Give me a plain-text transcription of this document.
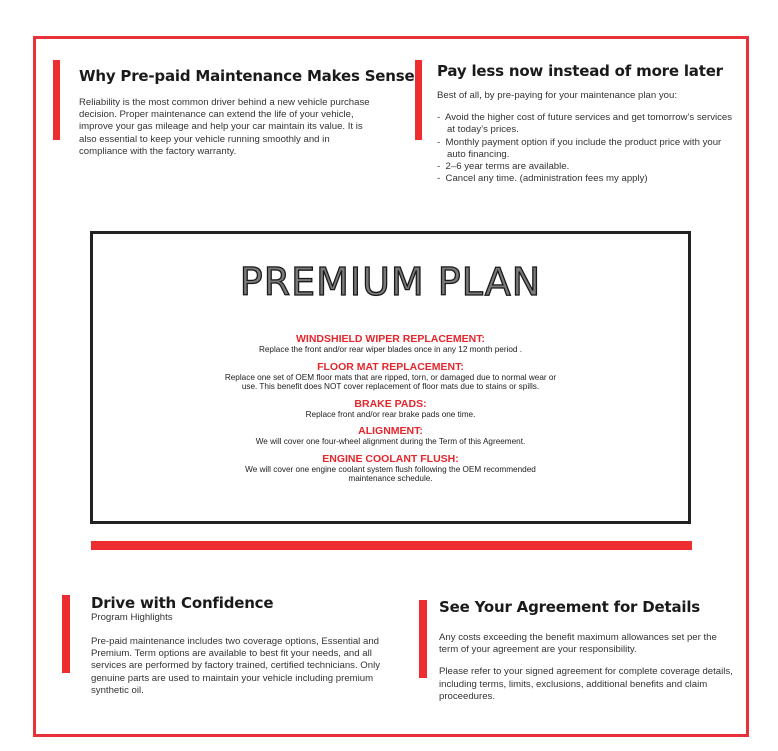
Why Pre-paid Maintenance Makes Sense

Reliability is the most common driver behind a new vehicle purchase decision. Proper maintenance can extend the life of your vehicle, improve your gas mileage and help your car maintain its value. It is also essential to keep your vehicle running smoothly and in compliance with the factory warranty.

Pay less now instead of more later

Best of all, by pre-paying for your maintenance plan you:

- Avoid the higher cost of future services and get tomorrow’s services at today’s prices.
- Monthly payment option if you include the product price with your auto financing.
- 2–6 year terms are available.
- Cancel any time. (administration fees my apply)
PREMIUM PLAN
WINDSHIELD WIPER REPLACEMENT:
Replace the front and/or rear wiper blades once in any 12 month period .
FLOOR MAT REPLACEMENT:
Replace one set of OEM floor mats that are ripped, torn, or damaged due to normal wear or use. This benefit does NOT cover replacement of floor mats due to stains or spills.
BRAKE PADS:
Replace front and/or rear brake pads one time.
ALIGNMENT:
We will cover one four-wheel alignment during the Term of this Agreement.
ENGINE COOLANT FLUSH:
We will cover one engine coolant system flush following the OEM recommended maintenance schedule.
Drive with Confidence
Program Highlights

Pre-paid maintenance includes two coverage options, Essential and Premium. Term options are available to best fit your needs, and all services are performed by factory trained, certified technicians. Only genuine parts are used to maintain your vehicle including premium synthetic oil.

See Your Agreement for Details

Any costs exceeding the benefit maximum allowances set per the term of your agreement are your responsibility.

Please refer to your signed agreement for complete coverage details, including terms, limits, exclusions, additional benefits and claim proceedures.
